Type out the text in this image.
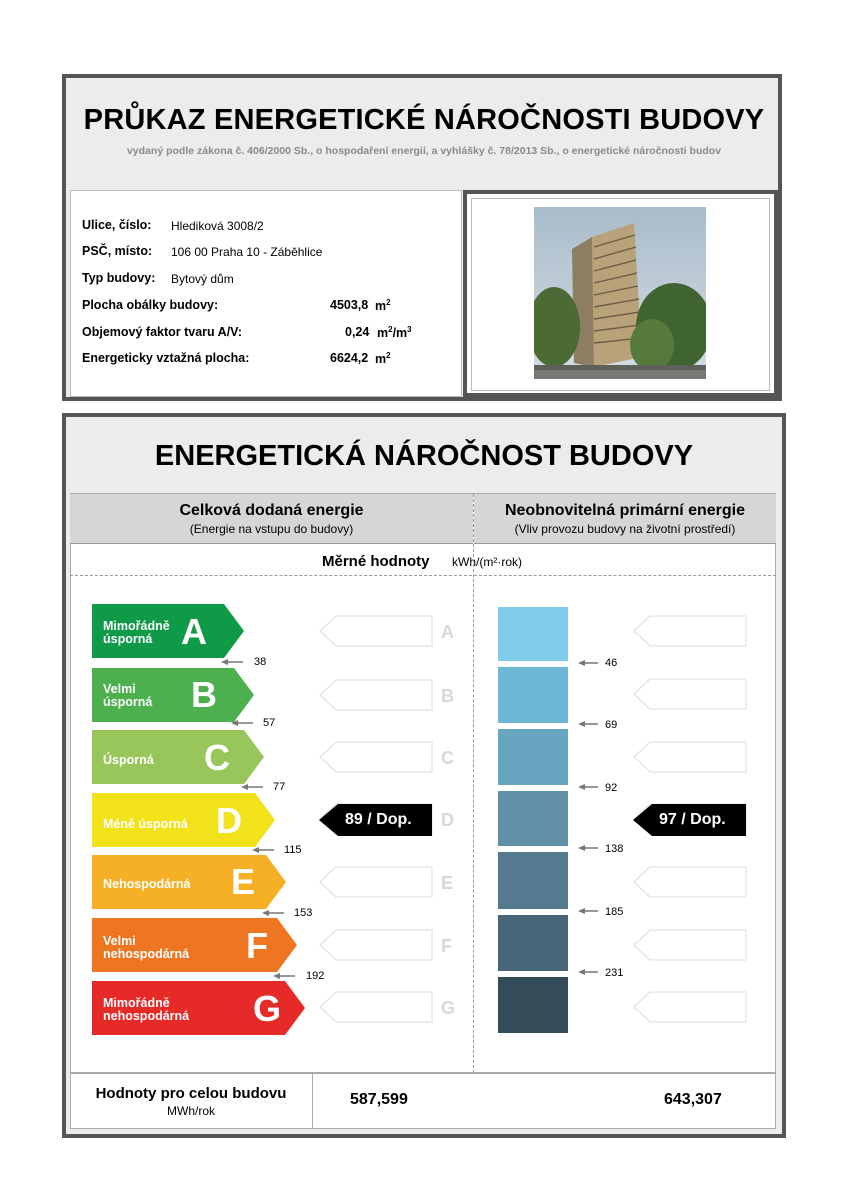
PRŮKAZ ENERGETICKÉ NÁROČNOSTI BUDOVY
vydaný podle zákona č. 406/2000 Sb., o hospodaření energií, a vyhlášky č. 78/2013 Sb., o energetické náročnosti budov
Ulice, číslo: Hlediková 3008/2
PSČ, místo: 106 00 Praha 10 - Záběhlice
Typ budovy: Bytový dům
Plocha obálky budovy:	4503,8 $m^2$
Objemový faktor tvaru A/V:	0,24 $m^2/m^3$
Energeticky vztažná plocha:	6624,2 $m^2$
ENERGETICKÁ NÁROČNOST BUDOVY
Celková dodaná energie
(Energie na vstupu do budovy)
Neobnovitelná primární energie
(Vliv provozu budovy na životní prostředí)
Měrné hodnoty kWh/(m²·rok)
Mimořádně
úsporná A
Velmi
úsporná B
Úsporná C
Méně úsporná D
Nehospodárná E
Velmi
nehospodárná F
Mimořádně
nehospodárná G
38
57
77
115
153
192
A
B
C
D
E
F
G
89 / Dop.
46
69
92
138
185
231
97 / Dop.
Hodnoty pro celou budovu
MWh/rok
587,599	643,307
